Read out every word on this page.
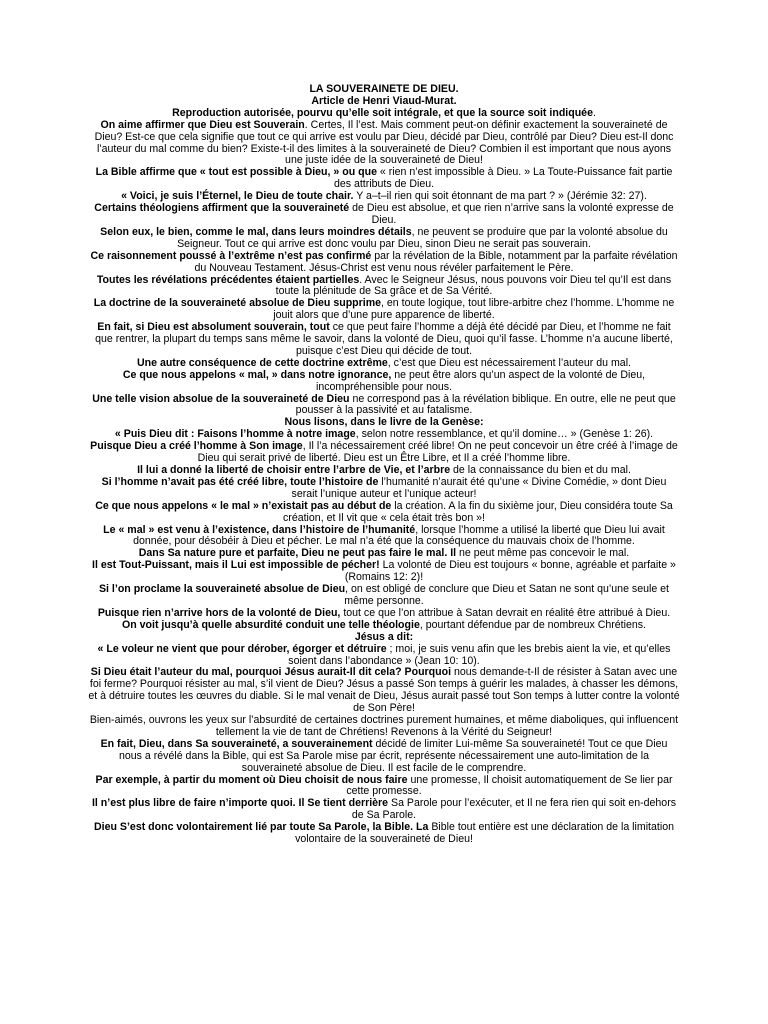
LA SOUVERAINETE DE DIEU.

Article de Henri Viaud-Murat.

Reproduction autorisée, pourvu qu’elle soit intégrale, et que la source soit indiquée.

On aime affirmer que Dieu est Souverain. Certes, Il l’est. Mais comment peut-on définir exactement la souveraineté de Dieu? Est-ce que cela signifie que tout ce qui arrive est voulu par Dieu, décidé par Dieu, contrôlé par Dieu? Dieu est-Il donc l’auteur du mal comme du bien? Existe-t-il des limites à la souveraineté de Dieu? Combien il est important que nous ayons une juste idée de la souveraineté de Dieu!

La Bible affirme que « tout est possible à Dieu, » ou que « rien n’est impossible à Dieu. » La Toute-Puissance fait partie des attributs de Dieu.

« Voici, je suis l’Éternel, le Dieu de toute chair. Y a–t–il rien qui soit étonnant de ma part ? » (Jérémie 32: 27).

Certains théologiens affirment que la souveraineté de Dieu est absolue, et que rien n’arrive sans la volonté expresse de Dieu.

Selon eux, le bien, comme le mal, dans leurs moindres détails, ne peuvent se produire que par la volonté absolue du Seigneur. Tout ce qui arrive est donc voulu par Dieu, sinon Dieu ne serait pas souverain.

Ce raisonnement poussé à l’extrême n’est pas confirmé par la révélation de la Bible, notamment par la parfaite révélation du Nouveau Testament. Jésus-Christ est venu nous révéler parfaitement le Père.

Toutes les révélations précédentes étaient partielles. Avec le Seigneur Jésus, nous pouvons voir Dieu tel qu’Il est dans toute la plénitude de Sa grâce et de Sa Vérité.

La doctrine de la souveraineté absolue de Dieu supprime, en toute logique, tout libre-arbitre chez l’homme. L’homme ne jouit alors que d’une pure apparence de liberté.

En fait, si Dieu est absolument souverain, tout ce que peut faire l’homme a déjà été décidé par Dieu, et l’homme ne fait que rentrer, la plupart du temps sans même le savoir, dans la volonté de Dieu, quoi qu’il fasse. L’homme n’a aucune liberté, puisque c’est Dieu qui décide de tout.

Une autre conséquence de cette doctrine extrême, c’est que Dieu est nécessairement l’auteur du mal.

Ce que nous appelons « mal, » dans notre ignorance, ne peut être alors qu’un aspect de la volonté de Dieu, incompréhensible pour nous.

Une telle vision absolue de la souveraineté de Dieu ne correspond pas à la révélation biblique. En outre, elle ne peut que pousser à la passivité et au fatalisme.

Nous lisons, dans le livre de la Genèse:

« Puis Dieu dit : Faisons l’homme à notre image, selon notre ressemblance, et qu’il domine… » (Genèse 1: 26).

Puisque Dieu a créé l’homme à Son image, Il l’a nécessairement créé libre! On ne peut concevoir un être créé à l’image de Dieu qui serait privé de liberté. Dieu est un Être Libre, et Il a créé l’homme libre.

Il lui a donné la liberté de choisir entre l’arbre de Vie, et l’arbre de la connaissance du bien et du mal.

Si l’homme n’avait pas été créé libre, toute l’histoire de l’humanité n’aurait été qu’une « Divine Comédie, » dont Dieu serait l’unique auteur et l’unique acteur!

Ce que nous appelons « le mal » n’existait pas au début de la création. A la fin du sixième jour, Dieu considéra toute Sa création, et Il vit que « cela était très bon »!

Le « mal » est venu à l’existence, dans l’histoire de l’humanité, lorsque l’homme a utilisé la liberté que Dieu lui avait donnée, pour désobéir à Dieu et pécher. Le mal n’a été que la conséquence du mauvais choix de l’homme.

Dans Sa nature pure et parfaite, Dieu ne peut pas faire le mal. Il ne peut même pas concevoir le mal.

Il est Tout-Puissant, mais il Lui est impossible de pécher! La volonté de Dieu est toujours « bonne, agréable et parfaite » (Romains 12: 2)!

Si l’on proclame la souveraineté absolue de Dieu, on est obligé de conclure que Dieu et Satan ne sont qu’une seule et même personne.

Puisque rien n’arrive hors de la volonté de Dieu, tout ce que l’on attribue à Satan devrait en réalité être attribué à Dieu.

On voit jusqu’à quelle absurdité conduit une telle théologie, pourtant défendue par de nombreux Chrétiens.

Jésus a dit:

« Le voleur ne vient que pour dérober, égorger et détruire ; moi, je suis venu afin que les brebis aient la vie, et qu’elles soient dans l’abondance » (Jean 10: 10).

Si Dieu était l’auteur du mal, pourquoi Jésus aurait-Il dit cela? Pourquoi nous demande-t-Il de résister à Satan avec une foi ferme? Pourquoi résister au mal, s’il vient de Dieu? Jésus a passé Son temps à guérir les malades, à chasser les démons, et à détruire toutes les œuvres du diable. Si le mal venait de Dieu, Jésus aurait passé tout Son temps à lutter contre la volonté de Son Père!

Bien-aimés, ouvrons les yeux sur l’absurdité de certaines doctrines purement humaines, et même diaboliques, qui influencent tellement la vie de tant de Chrétiens! Revenons à la Vérité du Seigneur!

En fait, Dieu, dans Sa souveraineté, a souverainement décidé de limiter Lui-même Sa souveraineté! Tout ce que Dieu nous a révélé dans la Bible, qui est Sa Parole mise par écrit, représente nécessairement une auto-limitation de la souveraineté absolue de Dieu. Il est facile de le comprendre.

Par exemple, à partir du moment où Dieu choisit de nous faire une promesse, Il choisit automatiquement de Se lier par cette promesse.

Il n’est plus libre de faire n’importe quoi. Il Se tient derrière Sa Parole pour l’exécuter, et Il ne fera rien qui soit en-dehors de Sa Parole.

Dieu S’est donc volontairement lié par toute Sa Parole, la Bible. La Bible tout entière est une déclaration de la limitation volontaire de la souveraineté de Dieu!
